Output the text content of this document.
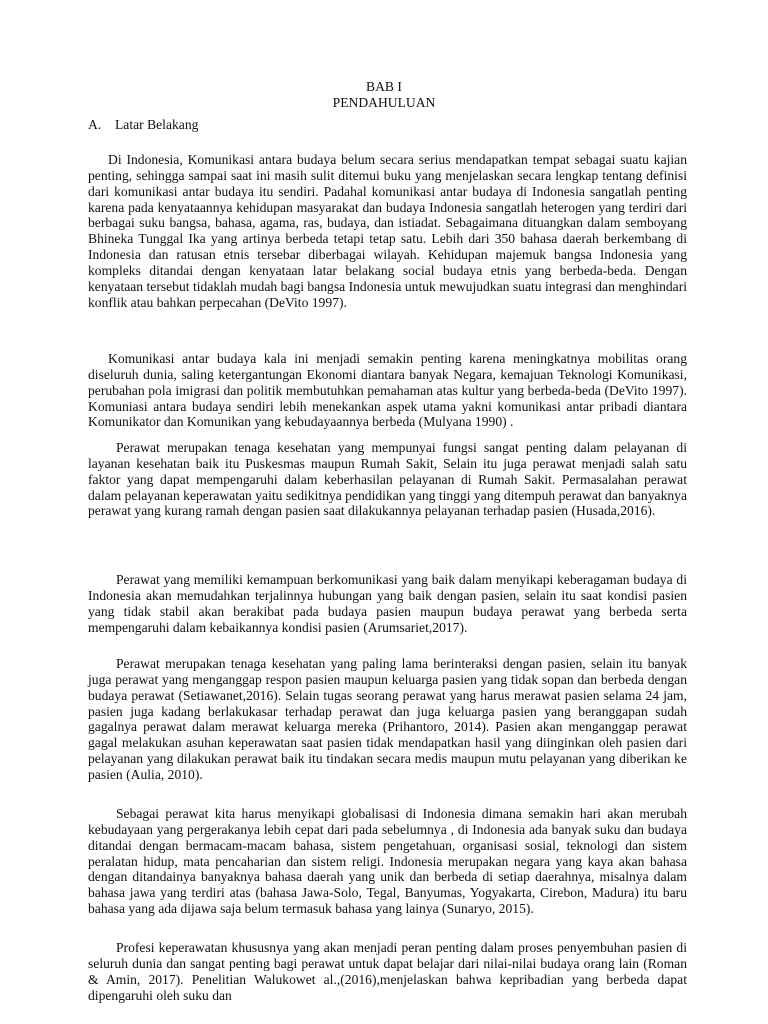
BAB I
PENDAHULUAN
A. Latar Belakang

Di Indonesia, Komunikasi antara budaya belum secara serius mendapatkan tempat sebagai suatu kajian penting, sehingga sampai saat ini masih sulit ditemui buku yang menjelaskan secara lengkap tentang definisi dari komunikasi antar budaya itu sendiri. Padahal komunikasi antar budaya di Indonesia sangatlah penting karena pada kenyataannya kehidupan masyarakat dan budaya Indonesia sangatlah heterogen yang terdiri dari berbagai suku bangsa, bahasa, agama, ras, budaya, dan istiadat. Sebagaimana dituangkan dalam semboyang Bhineka Tunggal Ika yang artinya berbeda tetapi tetap satu. Lebih dari 350 bahasa daerah berkembang di Indonesia dan ratusan etnis tersebar diberbagai wilayah. Kehidupan majemuk bangsa Indonesia yang kompleks ditandai dengan kenyataan latar belakang social budaya etnis yang berbeda-beda. Dengan kenyataan tersebut tidaklah mudah bagi bangsa Indonesia untuk mewujudkan suatu integrasi dan menghindari konflik atau bahkan perpecahan (DeVito 1997).

Komunikasi antar budaya kala ini menjadi semakin penting karena meningkatnya mobilitas orang diseluruh dunia, saling ketergantungan Ekonomi diantara banyak Negara, kemajuan Teknologi Komunikasi, perubahan pola imigrasi dan politik membutuhkan pemahaman atas kultur yang berbeda-beda (DeVito 1997). Komuniasi antara budaya sendiri lebih menekankan aspek utama yakni komunikasi antar pribadi diantara Komunikator dan Komunikan yang kebudayaannya berbeda (Mulyana 1990) .

Perawat merupakan tenaga kesehatan yang mempunyai fungsi sangat penting dalam pelayanan di layanan kesehatan baik itu Puskesmas maupun Rumah Sakit, Selain itu juga perawat menjadi salah satu faktor yang dapat mempengaruhi dalam keberhasilan pelayanan di Rumah Sakit. Permasalahan perawat dalam pelayanan keperawatan yaitu sedikitnya pendidikan yang tinggi yang ditempuh perawat dan banyaknya perawat yang kurang ramah dengan pasien saat dilakukannya pelayanan terhadap pasien (Husada,2016).

Perawat yang memiliki kemampuan berkomunikasi yang baik dalam menyikapi keberagaman budaya di Indonesia akan memudahkan terjalinnya hubungan yang baik dengan pasien, selain itu saat kondisi pasien yang tidak stabil akan berakibat pada budaya pasien maupun budaya perawat yang berbeda serta mempengaruhi dalam kebaikannya kondisi pasien (Arumsariet,2017).

Perawat merupakan tenaga kesehatan yang paling lama berinteraksi dengan pasien, selain itu banyak juga perawat yang menganggap respon pasien maupun keluarga pasien yang tidak sopan dan berbeda dengan budaya perawat (Setiawanet,2016). Selain tugas seorang perawat yang harus merawat pasien selama 24 jam, pasien juga kadang berlakukasar terhadap perawat dan juga keluarga pasien yang beranggapan sudah gagalnya perawat dalam merawat keluarga mereka (Prihantoro, 2014). Pasien akan menganggap perawat gagal melakukan asuhan keperawatan saat pasien tidak mendapatkan hasil yang diinginkan oleh pasien dari pelayanan yang dilakukan perawat baik itu tindakan secara medis maupun mutu pelayanan yang diberikan ke pasien (Aulia, 2010).

Sebagai perawat kita harus menyikapi globalisasi di Indonesia dimana semakin hari akan merubah kebudayaan yang pergerakanya lebih cepat dari pada sebelumnya , di Indonesia ada banyak suku dan budaya ditandai dengan bermacam-macam bahasa, sistem pengetahuan, organisasi sosial, teknologi dan sistem peralatan hidup, mata pencaharian dan sistem religi. Indonesia merupakan negara yang kaya akan bahasa dengan ditandainya banyaknya bahasa daerah yang unik dan berbeda di setiap daerahnya, misalnya dalam bahasa jawa yang terdiri atas (bahasa Jawa-Solo, Tegal, Banyumas, Yogyakarta, Cirebon, Madura) itu baru bahasa yang ada dijawa saja belum termasuk bahasa yang lainya (Sunaryo, 2015).

Profesi keperawatan khususnya yang akan menjadi peran penting dalam proses penyembuhan pasien di seluruh dunia dan sangat penting bagi perawat untuk dapat belajar dari nilai-nilai budaya orang lain (Roman & Amin, 2017). Penelitian Walukowet al.,(2016),menjelaskan bahwa kepribadian yang berbeda dapat dipengaruhi oleh suku dan
